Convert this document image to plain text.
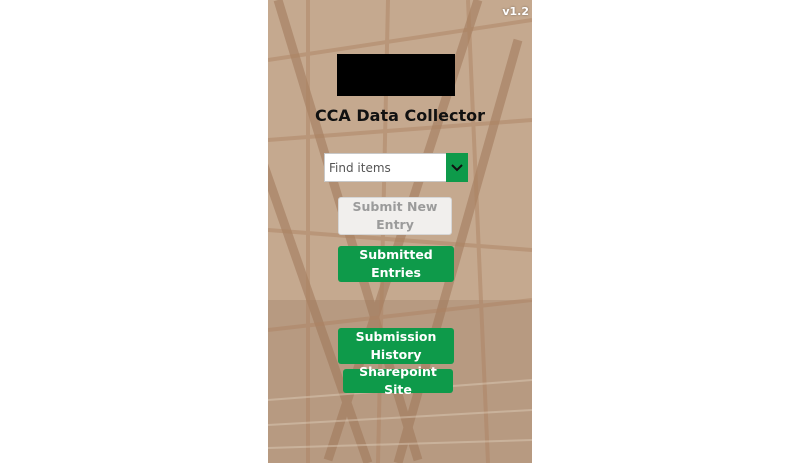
v1.2
CCA Data Collector
Find items
Submit New Entry
Submitted Entries
Submission History
Sharepoint Site
